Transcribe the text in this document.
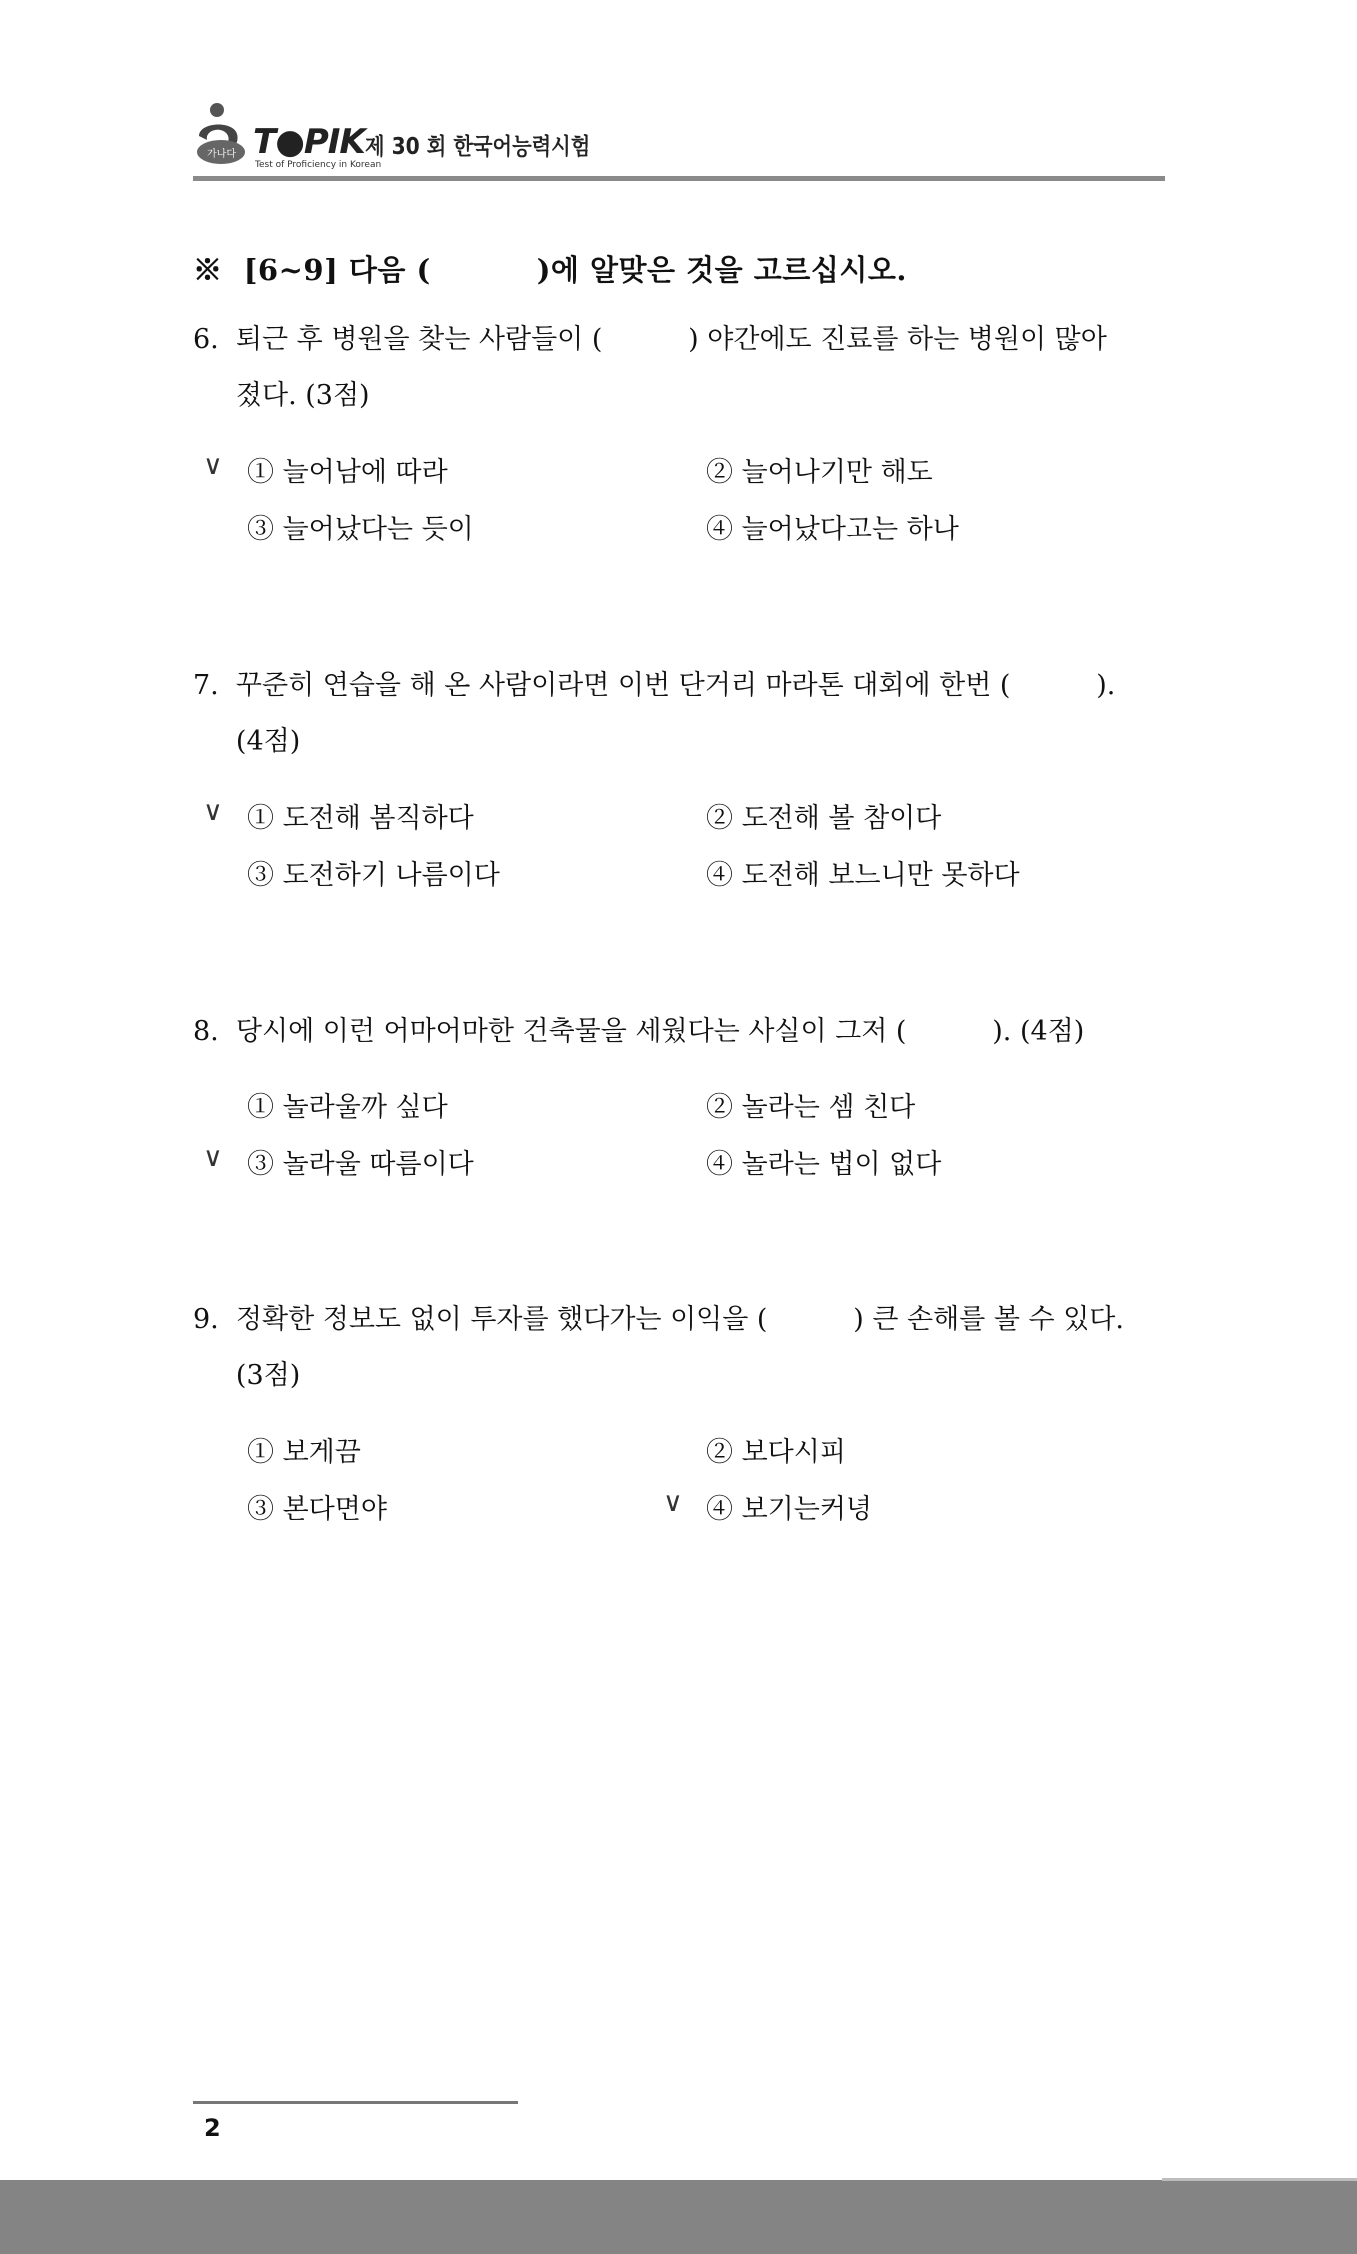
가나다 T●PIK
Test of Proficiency in Korean
제 30 회 한국어능력시험
※  [6~9] 다음 (          )에 알맞은 것을 고르십시오.
6.  퇴근 후 병원을 찾는 사람들이 (          ) 야간에도 진료를 하는 병원이 많아
졌다. (3점)
∨ ① 늘어남에 따라	② 늘어나기만 해도
③ 늘어났다는 듯이	④ 늘어났다고는 하나
7.  꾸준히 연습을 해 온 사람이라면 이번 단거리 마라톤 대회에 한번 (          ).
(4점)
∨ ① 도전해 봄직하다	② 도전해 볼 참이다
③ 도전하기 나름이다	④ 도전해 보느니만 못하다
8.  당시에 이런 어마어마한 건축물을 세웠다는 사실이 그저 (          ). (4점)
① 놀라울까 싶다	② 놀라는 셈 친다
∨ ③ 놀라울 따름이다	④ 놀라는 법이 없다
9.  정확한 정보도 없이 투자를 했다가는 이익을 (          ) 큰 손해를 볼 수 있다.
(3점)
① 보게끔	② 보다시피
③ 본다면야	∨ ④ 보기는커녕
2
